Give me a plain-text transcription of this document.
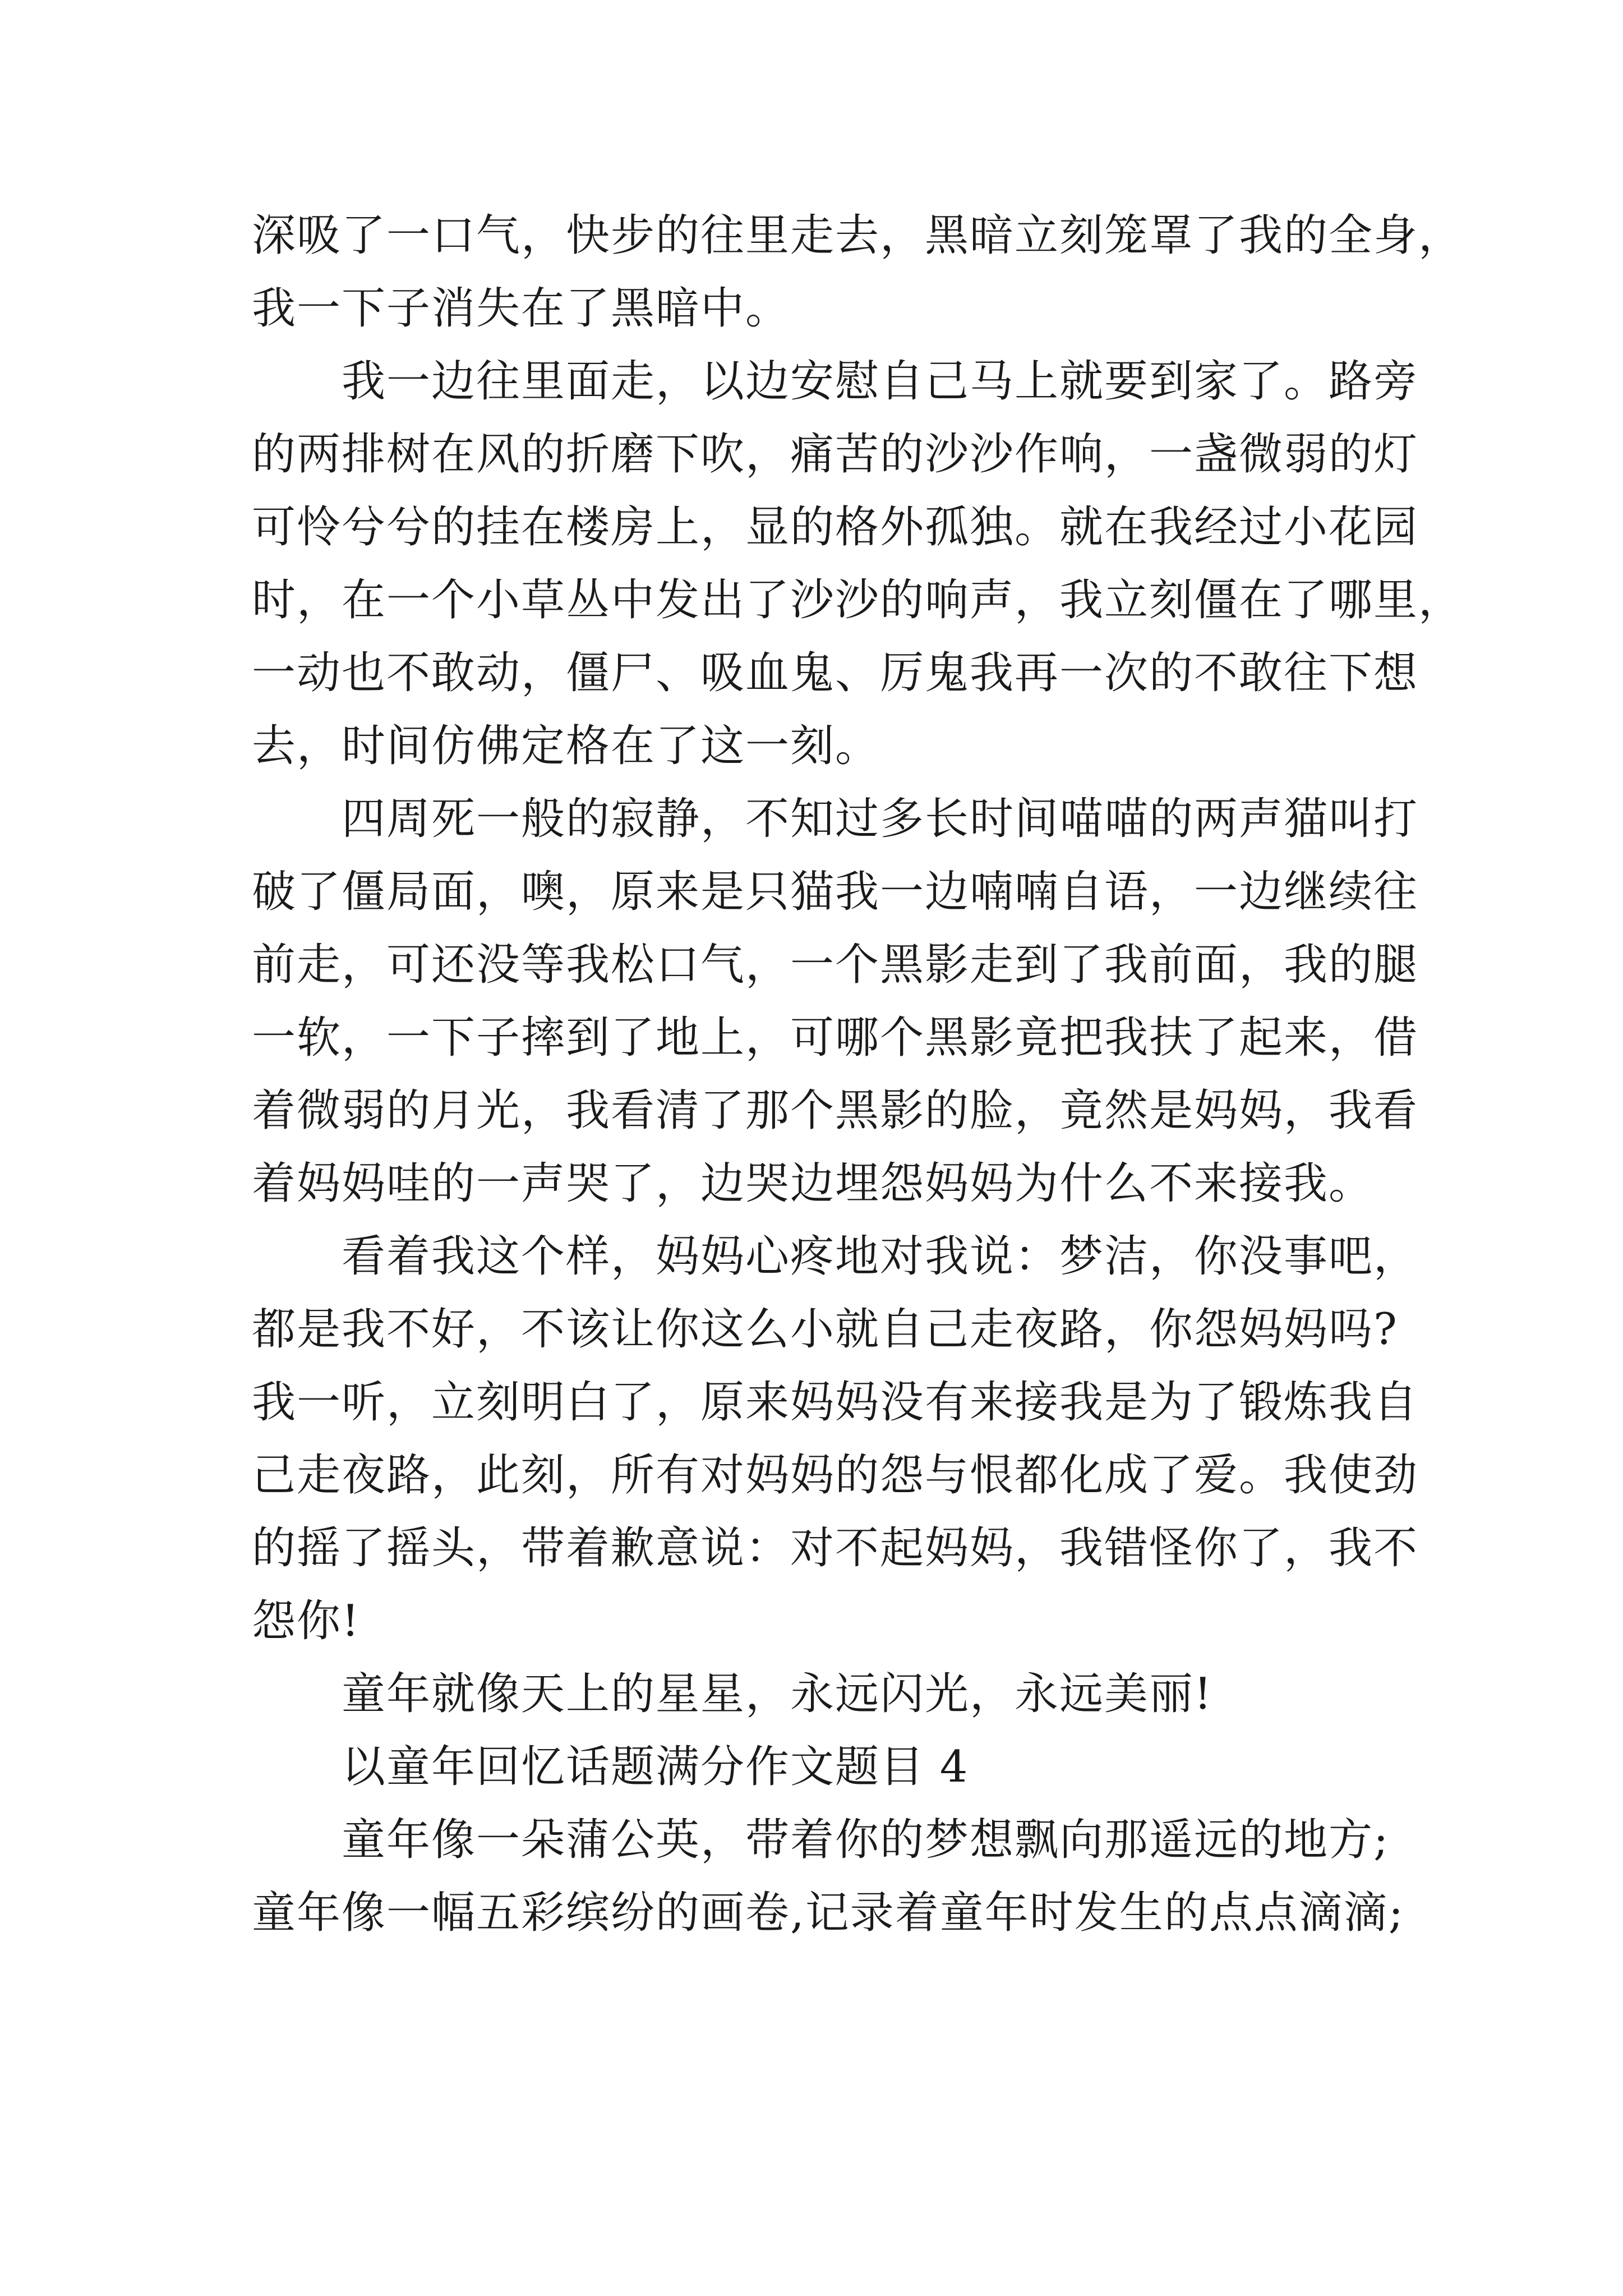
深吸了一口气，快步的往里走去，黑暗立刻笼罩了我的全身，
我一下子消失在了黑暗中。
我一边往里面走，以边安慰自己马上就要到家了。路旁
的两排树在风的折磨下吹，痛苦的沙沙作响，一盏微弱的灯
可怜兮兮的挂在楼房上，显的格外孤独。就在我经过小花园
时，在一个小草丛中发出了沙沙的响声，我立刻僵在了哪里，
一动也不敢动，僵尸、吸血鬼、厉鬼我再一次的不敢往下想
去，时间仿佛定格在了这一刻。
四周死一般的寂静，不知过多长时间喵喵的两声猫叫打
破了僵局面，噢，原来是只猫我一边喃喃自语，一边继续往
前走，可还没等我松口气，一个黑影走到了我前面，我的腿
一软，一下子摔到了地上，可哪个黑影竟把我扶了起来，借
着微弱的月光，我看清了那个黑影的脸，竟然是妈妈，我看
着妈妈哇的一声哭了，边哭边埋怨妈妈为什么不来接我。
看着我这个样，妈妈心疼地对我说：梦洁，你没事吧，
都是我不好，不该让你这么小就自己走夜路，你怨妈妈吗?
我一听，立刻明白了，原来妈妈没有来接我是为了锻炼我自
己走夜路，此刻，所有对妈妈的怨与恨都化成了爱。我使劲
的摇了摇头，带着歉意说：对不起妈妈，我错怪你了，我不
怨你!
童年就像天上的星星，永远闪光，永远美丽!
以童年回忆话题满分作文题目 4
童年像一朵蒲公英，带着你的梦想飘向那遥远的地方;
童年像一幅五彩缤纷的画卷,记录着童年时发生的点点滴滴;
